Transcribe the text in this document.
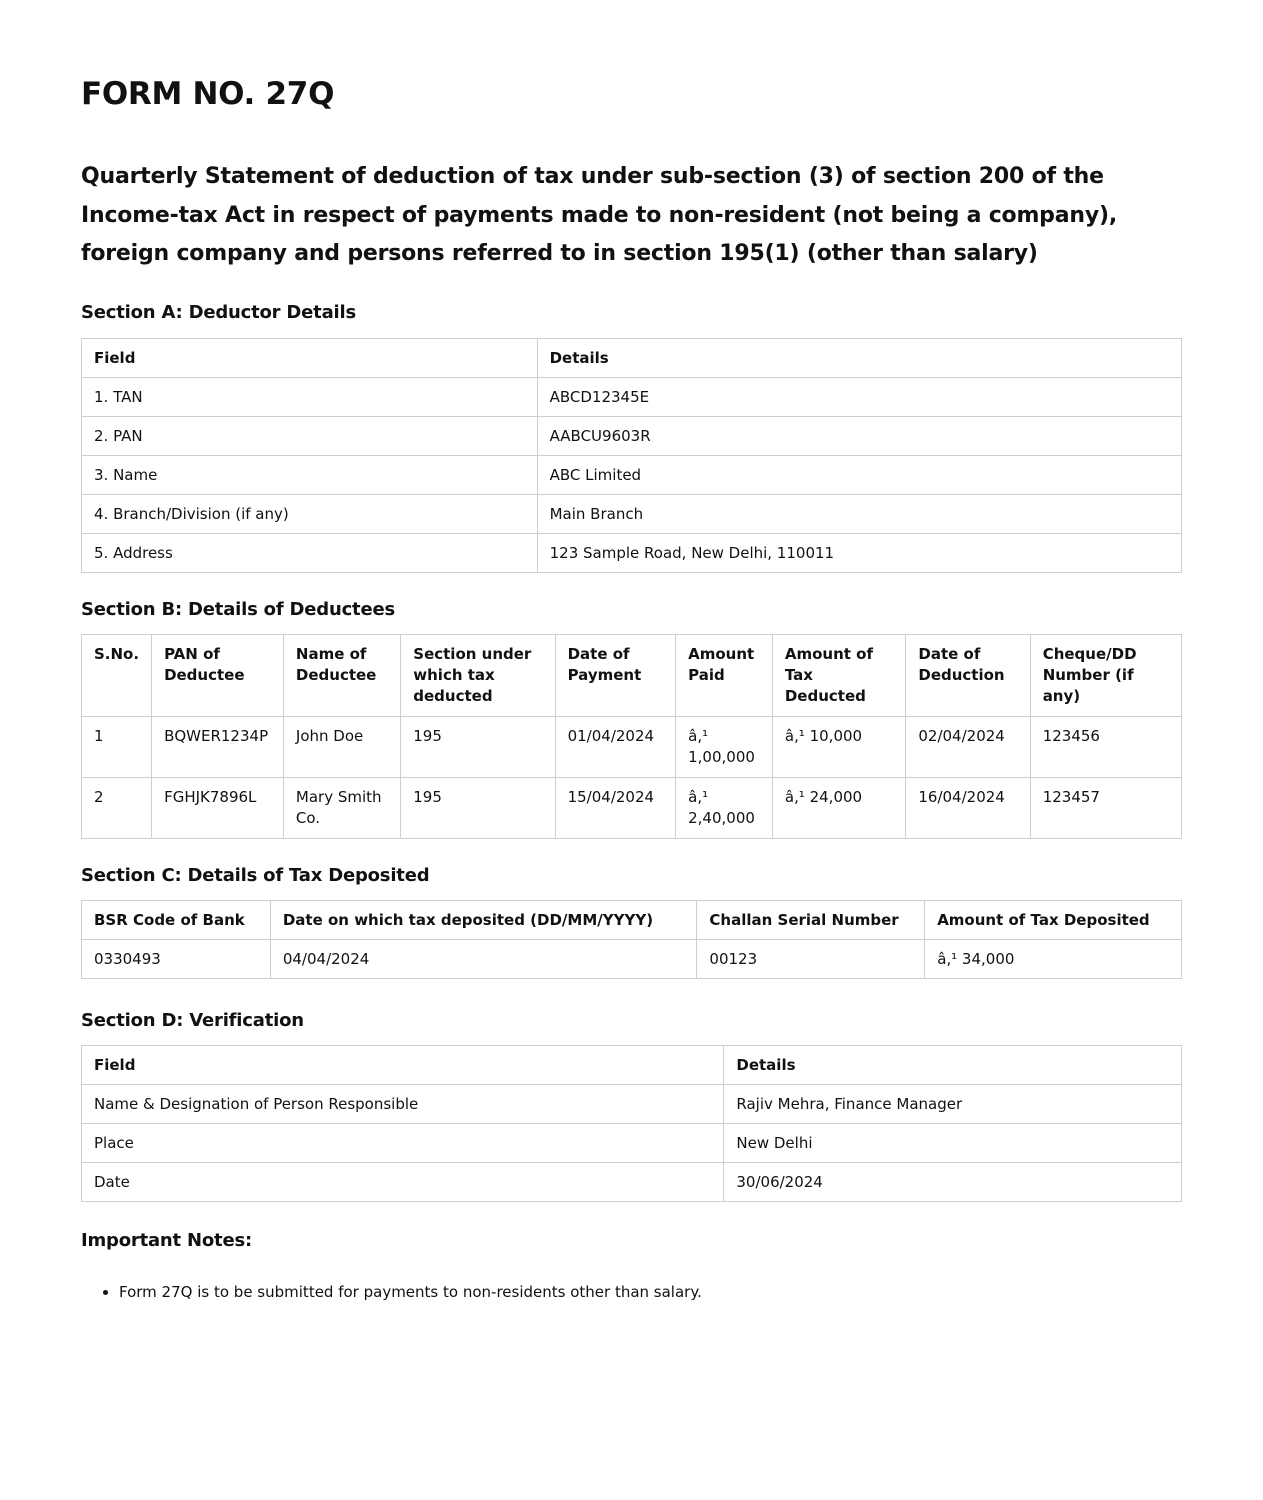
FORM NO. 27Q
Quarterly Statement of deduction of tax under sub-section (3) of section 200 of the Income-tax Act in respect of payments made to non-resident (not being a company), foreign company and persons referred to in section 195(1) (other than salary)
Section A: Deductor Details
Field	Details
1. TAN	ABCD12345E
2. PAN	AABCU9603R
3. Name	ABC Limited
4. Branch/Division (if any)	Main Branch
5. Address	123 Sample Road, New Delhi, 110011
Section B: Details of Deductees
S.No.	PAN of Deductee	Name of Deductee	Section under which tax deducted	Date of Payment	Amount Paid	Amount of Tax Deducted	Date of Deduction	Cheque/DD Number (if any)
1	BQWER1234P	John Doe	195	01/04/2024	â‚¹ 1,00,000	â‚¹ 10,000	02/04/2024	123456
2	FGHJK7896L	Mary Smith Co.	195	15/04/2024	â‚¹ 2,40,000	â‚¹ 24,000	16/04/2024	123457
Section C: Details of Tax Deposited
BSR Code of Bank	Date on which tax deposited (DD/MM/YYYY)	Challan Serial Number	Amount of Tax Deposited
0330493	04/04/2024	00123	â‚¹ 34,000
Section D: Verification
Field	Details
Name & Designation of Person Responsible	Rajiv Mehra, Finance Manager
Place	New Delhi
Date	30/06/2024
Important Notes:
• Form 27Q is to be submitted for payments to non-residents other than salary.
